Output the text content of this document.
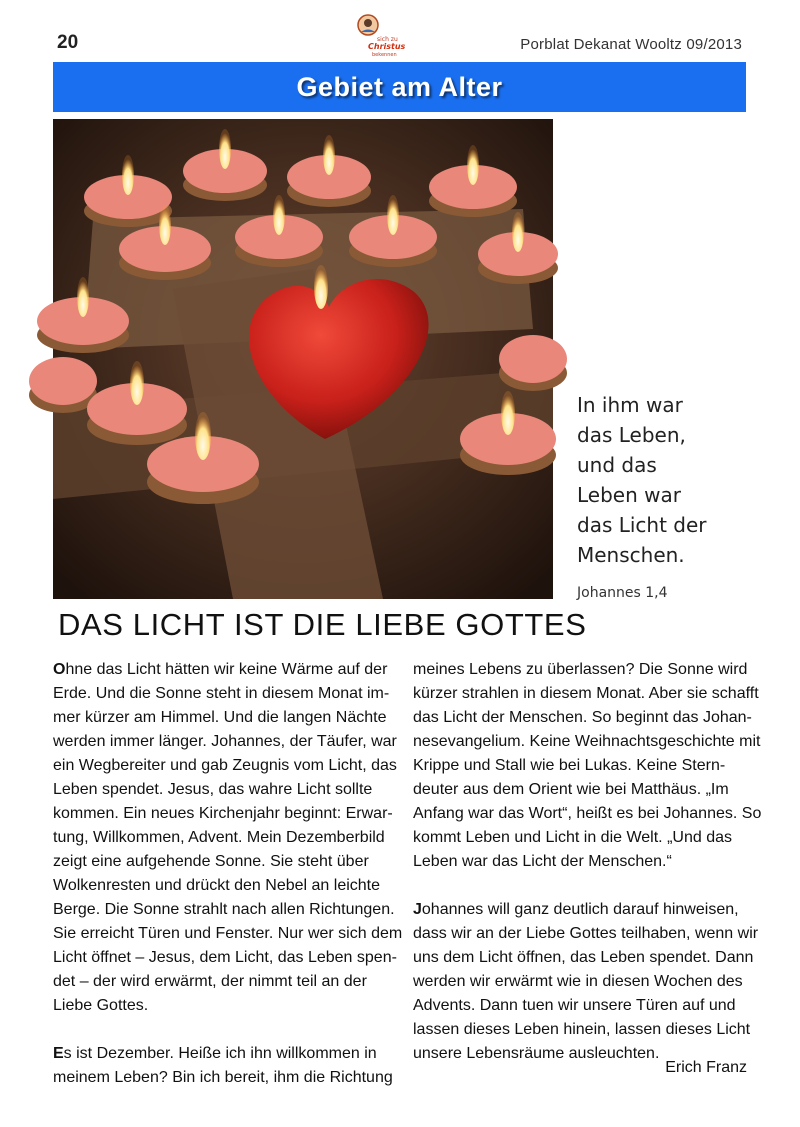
20	sich zu
Christus
bekennen
Porblat Dekanat Wooltz 09/2013
Gebiet am Alter
In ihm war
das Leben,
und das
Leben war
das Licht der
Menschen.
Johannes 1,4
DAS LICHT IST DIE LIEBE GOTTES
Ohne das Licht hätten wir keine Wärme auf der
Erde. Und die Sonne steht in diesem Monat im-
mer kürzer am Himmel. Und die langen Nächte
werden immer länger. Johannes, der Täufer, war
ein Wegbereiter und gab Zeugnis vom Licht, das
Leben spendet. Jesus, das wahre Licht sollte
kommen. Ein neues Kirchenjahr beginnt: Erwar-
tung, Willkommen, Advent. Mein Dezemberbild
zeigt eine aufgehende Sonne. Sie steht über
Wolkenresten und drückt den Nebel an leichte
Berge. Die Sonne strahlt nach allen Richtungen.
Sie erreicht Türen und Fenster. Nur wer sich dem
Licht öffnet – Jesus, dem Licht, das Leben spen-
det – der wird erwärmt, der nimmt teil an der
Liebe Gottes.
Es ist Dezember. Heiße ich ihn willkommen in
meinem Leben? Bin ich bereit, ihm die Richtung
meines Lebens zu überlassen? Die Sonne wird
kürzer strahlen in diesem Monat. Aber sie schafft
das Licht der Menschen. So beginnt das Johan-
nesevangelium. Keine Weihnachtsgeschichte mit
Krippe und Stall wie bei Lukas. Keine Stern-
deuter aus dem Orient wie bei Matthäus. „Im
Anfang war das Wort“, heißt es bei Johannes. So
kommt Leben und Licht in die Welt. „Und das
Leben war das Licht der Menschen.“
Johannes will ganz deutlich darauf hinweisen,
dass wir an der Liebe Gottes teilhaben, wenn wir
uns dem Licht öffnen, das Leben spendet. Dann
werden wir erwärmt wie in diesen Wochen des
Advents. Dann tuen wir unsere Türen auf und
lassen dieses Leben hinein, lassen dieses Licht
unsere Lebensräume ausleuchten.
Erich Franz
